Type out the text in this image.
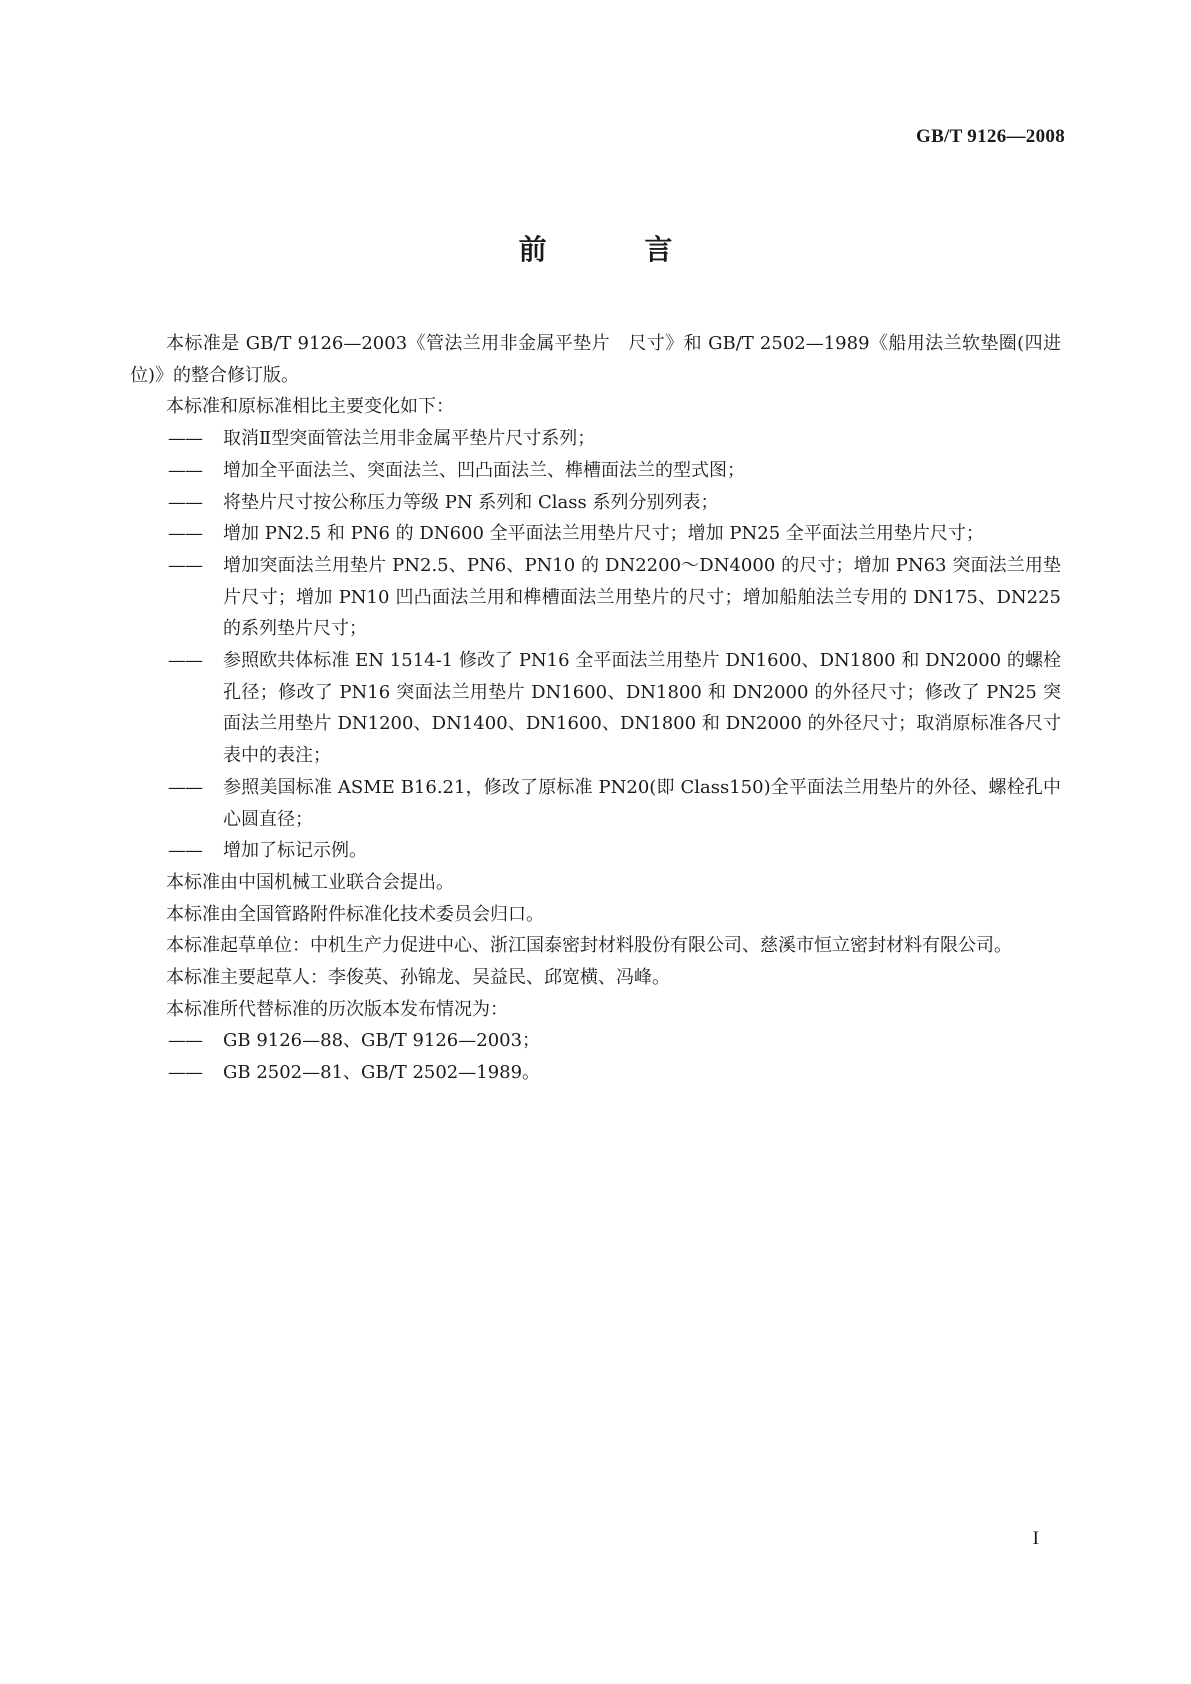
GB/T 9126—2008
前 言

本标准是 GB/T 9126—2003《管法兰用非金属平垫片　尺寸》和 GB/T 2502—1989《船用法兰软垫圈(四进位)》的整合修订版。

本标准和原标准相比主要变化如下：

—— 取消Ⅱ型突面管法兰用非金属平垫片尺寸系列；

—— 增加全平面法兰、突面法兰、凹凸面法兰、榫槽面法兰的型式图；

—— 将垫片尺寸按公称压力等级 PN 系列和 Class 系列分别列表；

—— 增加 PN2.5 和 PN6 的 DN600 全平面法兰用垫片尺寸；增加 PN25 全平面法兰用垫片尺寸；

—— 增加突面法兰用垫片 PN2.5、PN6、PN10 的 DN2200～DN4000 的尺寸；增加 PN63 突面法兰用垫片尺寸；增加 PN10 凹凸面法兰用和榫槽面法兰用垫片的尺寸；增加船舶法兰专用的 DN175、DN225 的系列垫片尺寸；

—— 参照欧共体标准 EN 1514-1 修改了 PN16 全平面法兰用垫片 DN1600、DN1800 和 DN2000 的螺栓孔径；修改了 PN16 突面法兰用垫片 DN1600、DN1800 和 DN2000 的外径尺寸；修改了 PN25 突面法兰用垫片 DN1200、DN1400、DN1600、DN1800 和 DN2000 的外径尺寸；取消原标准各尺寸表中的表注；

—— 参照美国标准 ASME B16.21，修改了原标准 PN20(即 Class150)全平面法兰用垫片的外径、螺栓孔中心圆直径；

—— 增加了标记示例。

本标准由中国机械工业联合会提出。

本标准由全国管路附件标准化技术委员会归口。

本标准起草单位：中机生产力促进中心、浙江国泰密封材料股份有限公司、慈溪市恒立密封材料有限公司。

本标准主要起草人：李俊英、孙锦龙、吴益民、邱宽横、冯峰。

本标准所代替标准的历次版本发布情况为：

—— GB 9126—88、GB/T 9126—2003；

—— GB 2502—81、GB/T 2502—1989。

I
